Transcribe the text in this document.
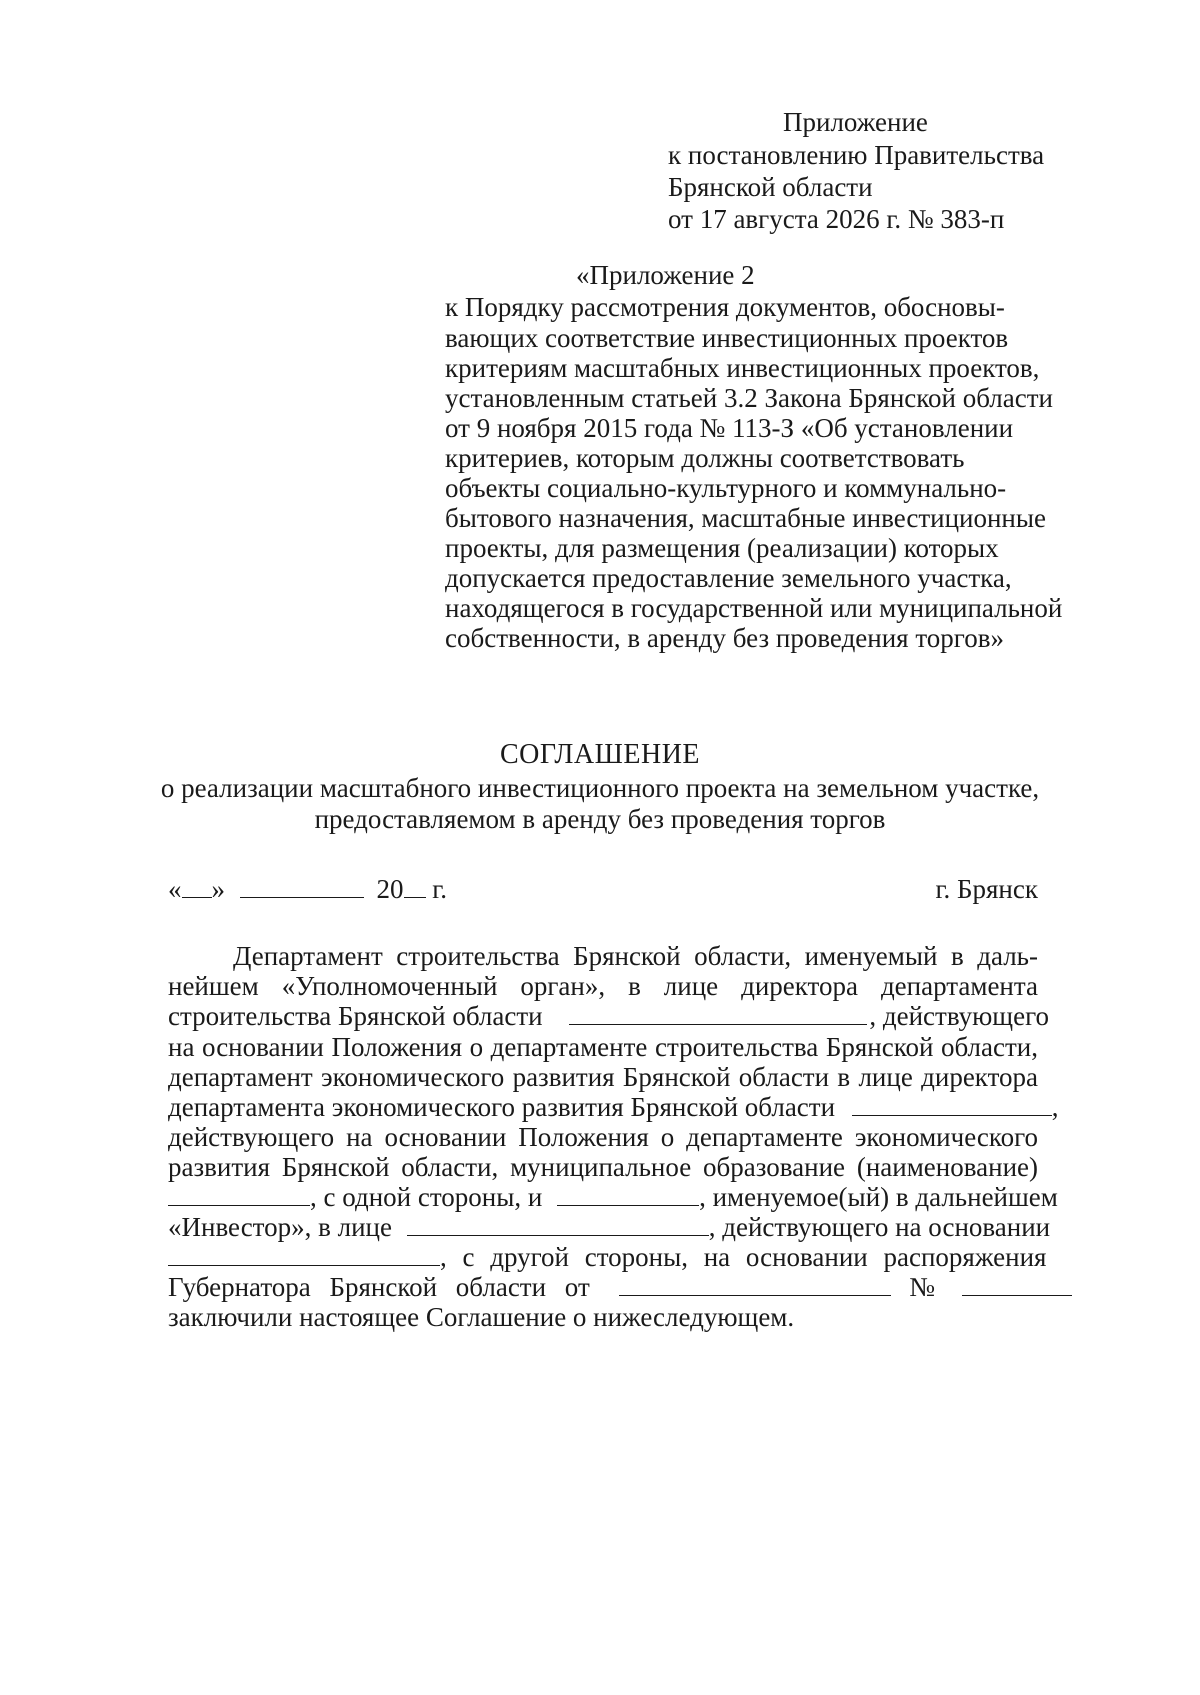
Приложение
к постановлению Правительства
Брянской области
от 17 августа 2026 г. № 383-п
«Приложение 2
к Порядку рассмотрения документов, обосновы-
вающих соответствие инвестиционных проектов
критериям масштабных инвестиционных проектов,
установленным статьей 3.2 Закона Брянской области
от 9 ноября 2015 года № 113-З «Об установлении
критериев, которым должны соответствовать
объекты социально-культурного и коммунально-
бытового назначения, масштабные инвестиционные
проекты, для размещения (реализации) которых
допускается предоставление земельного участка,
находящегося в государственной или муниципальной
собственности, в аренду без проведения торгов»
СОГЛАШЕНИЕ
о реализации масштабного инвестиционного проекта на земельном участке,
предоставляемом в аренду без проведения торгов
« »	20 г.	г. Брянск
Департамент строительства Брянской области, именуемый в даль-
нейшем «Уполномоченный орган», в лице директора департамента
строительства Брянской области	, действующего
на основании Положения о департаменте строительства Брянской области,
департамент экономического развития Брянской области в лице директора
департамента экономического развития Брянской области	,
действующего на основании Положения о департаменте экономического
развития Брянской области, муниципальное образование (наименование)
, с одной стороны, и	, именуемое(ый) в дальнейшем
«Инвестор», в лице	, действующего на основании
, с другой стороны, на основании распоряжения
Губернатора Брянской области от	№
заключили настоящее Соглашение о нижеследующем.
